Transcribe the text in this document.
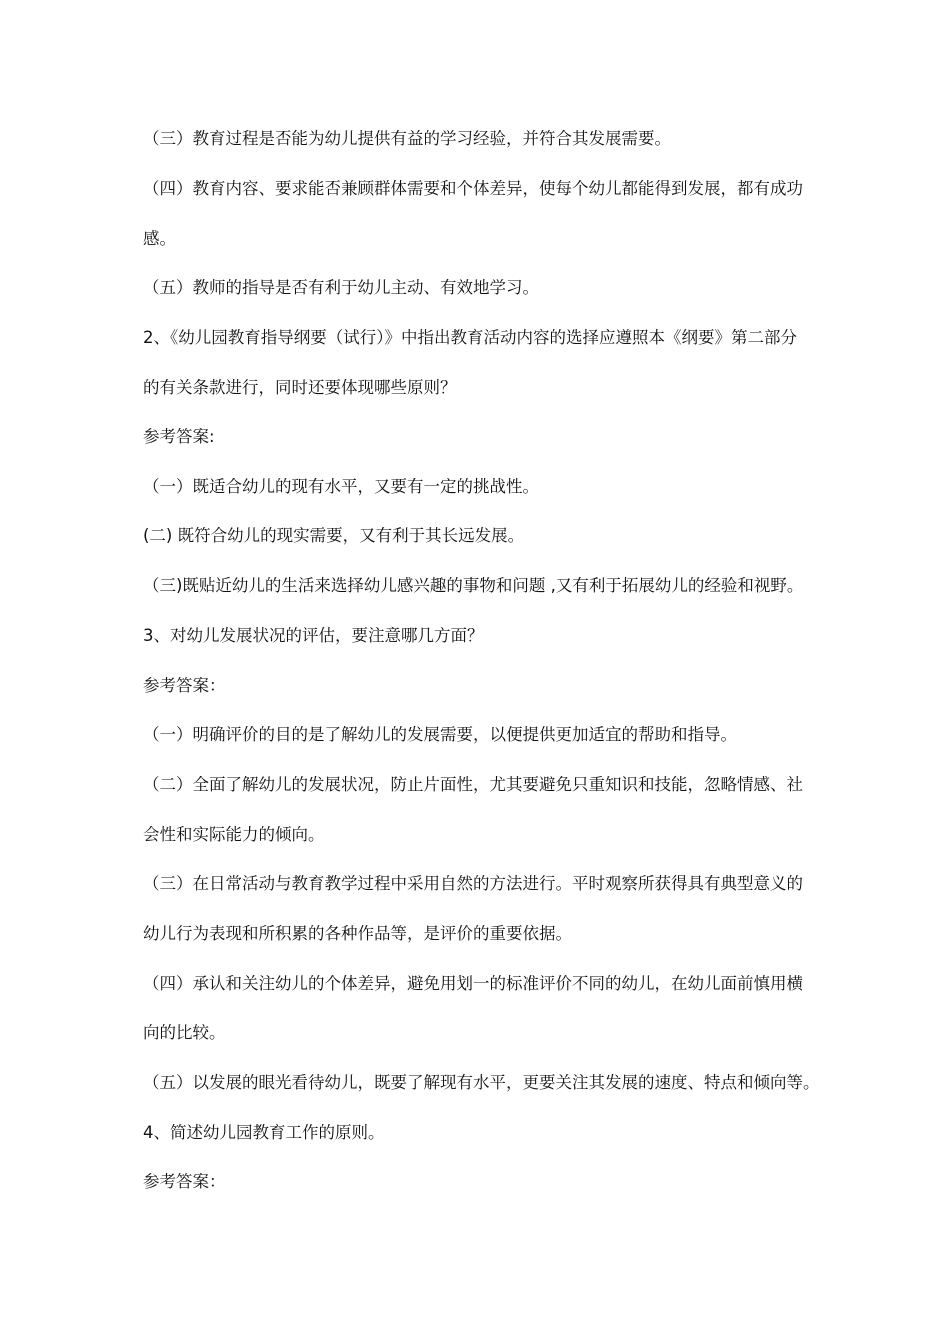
（三）教育过程是否能为幼儿提供有益的学习经验，并符合其发展需要。
（四）教育内容、要求能否兼顾群体需要和个体差异，使每个幼儿都能得到发展，都有成功
感。
（五）教师的指导是否有利于幼儿主动、有效地学习。
2、《幼儿园教育指导纲要（试行）》中指出教育活动内容的选择应遵照本《纲要》第二部分
的有关条款进行，同时还要体现哪些原则？
参考答案:
（一）既适合幼儿的现有水平，又要有一定的挑战性。
(二) 既符合幼儿的现实需要，又有利于其长远发展。
（三)既贴近幼儿的生活来选择幼儿感兴趣的事物和问题 ,又有利于拓展幼儿的经验和视野。
3、对幼儿发展状况的评估，要注意哪几方面？
参考答案：
（一）明确评价的目的是了解幼儿的发展需要，以便提供更加适宜的帮助和指导。
（二）全面了解幼儿的发展状况，防止片面性，尤其要避免只重知识和技能，忽略情感、社
会性和实际能力的倾向。
（三）在日常活动与教育教学过程中采用自然的方法进行。平时观察所获得具有典型意义的
幼儿行为表现和所积累的各种作品等，是评价的重要依据。
（四）承认和关注幼儿的个体差异，避免用划一的标准评价不同的幼儿，在幼儿面前慎用横
向的比较。
（五）以发展的眼光看待幼儿，既要了解现有水平，更要关注其发展的速度、特点和倾向等。
4、简述幼儿园教育工作的原则。
参考答案：
